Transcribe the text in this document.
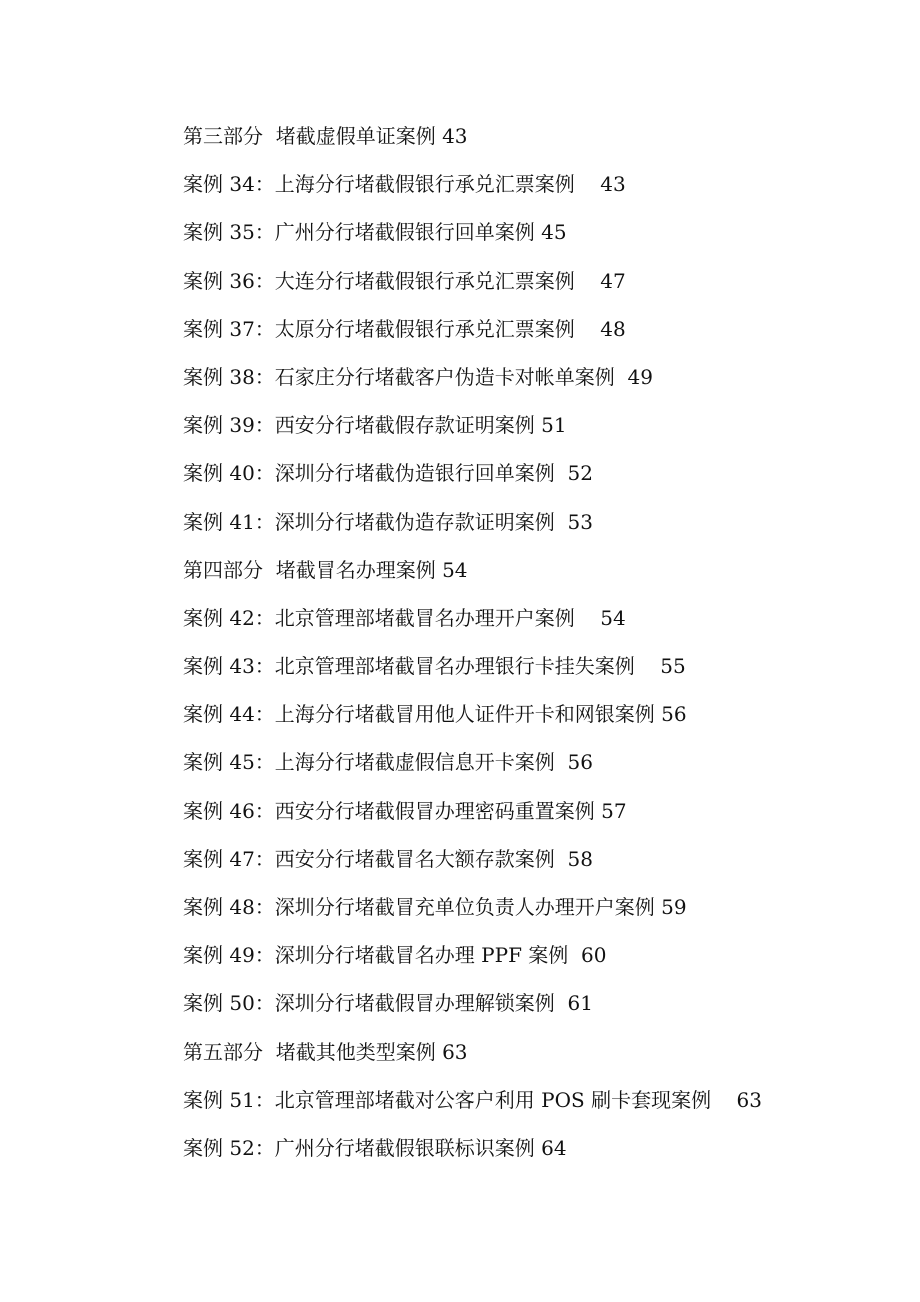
第三部分  堵截虚假单证案例 43
案例 34：上海分行堵截假银行承兑汇票案例    43
案例 35：广州分行堵截假银行回单案例 45
案例 36：大连分行堵截假银行承兑汇票案例    47
案例 37：太原分行堵截假银行承兑汇票案例    48
案例 38：石家庄分行堵截客户伪造卡对帐单案例  49
案例 39：西安分行堵截假存款证明案例 51
案例 40：深圳分行堵截伪造银行回单案例  52
案例 41：深圳分行堵截伪造存款证明案例  53
第四部分  堵截冒名办理案例 54
案例 42：北京管理部堵截冒名办理开户案例    54
案例 43：北京管理部堵截冒名办理银行卡挂失案例    55
案例 44：上海分行堵截冒用他人证件开卡和网银案例 56
案例 45：上海分行堵截虚假信息开卡案例  56
案例 46：西安分行堵截假冒办理密码重置案例 57
案例 47：西安分行堵截冒名大额存款案例  58
案例 48：深圳分行堵截冒充单位负责人办理开户案例 59
案例 49：深圳分行堵截冒名办理 PPF 案例  60
案例 50：深圳分行堵截假冒办理解锁案例  61
第五部分  堵截其他类型案例 63
案例 51：北京管理部堵截对公客户利用 POS 刷卡套现案例    63
案例 52：广州分行堵截假银联标识案例 64
